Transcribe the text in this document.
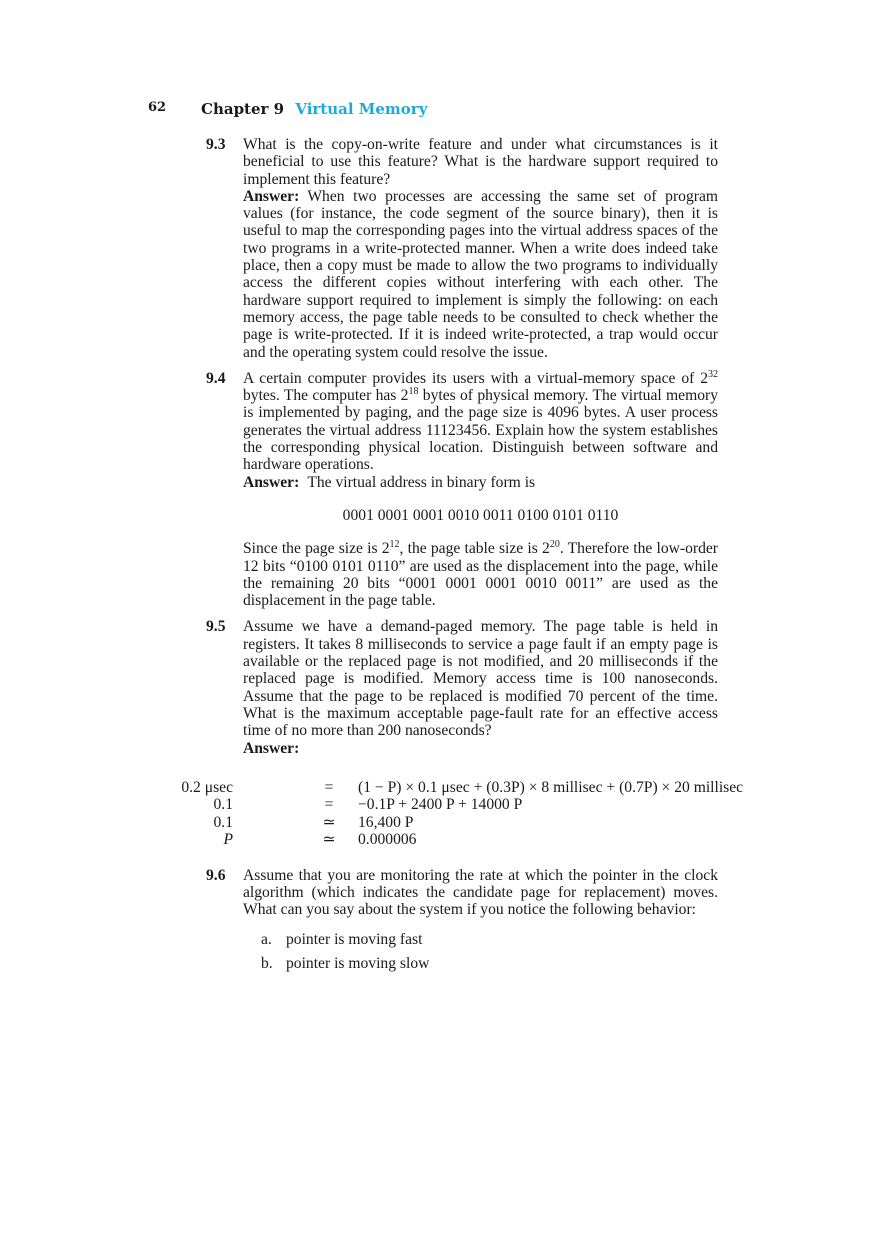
62 Chapter 9 Virtual Memory
9.3 What is the copy-on-write feature and under what circumstances is it beneficial to use this feature? What is the hardware support required to implement this feature?

Answer: When two processes are accessing the same set of program values (for instance, the code segment of the source binary), then it is useful to map the corresponding pages into the virtual address spaces of the two programs in a write-protected manner. When a write does indeed take place, then a copy must be made to allow the two programs to individually access the different copies without interfering with each other. The hardware support required to implement is simply the following: on each memory access, the page table needs to be consulted to check whether the page is write-protected. If it is indeed write-protected, a trap would occur and the operating system could resolve the issue.

9.4 A certain computer provides its users with a virtual-memory space of $2^{32}$ bytes. The computer has $2^{18}$ bytes of physical memory. The virtual memory is implemented by paging, and the page size is 4096 bytes. A user process generates the virtual address 11123456. Explain how the system establishes the corresponding physical location. Distinguish between software and hardware operations.

Answer: The virtual address in binary form is

0001 0001 0001 0010 0011 0100 0101 0110

Since the page size is $2^{12}$, the page table size is $2^{20}$. Therefore the low-order 12 bits “0100 0101 0110” are used as the displacement into the page, while the remaining 20 bits “0001 0001 0001 0010 0011” are used as the displacement in the page table.

9.5 Assume we have a demand-paged memory. The page table is held in registers. It takes 8 milliseconds to service a page fault if an empty page is available or the replaced page is not modified, and 20 milliseconds if the replaced page is modified. Memory access time is 100 nanoseconds. Assume that the page to be replaced is modified 70 percent of the time. What is the maximum acceptable page-fault rate for an effective access time of no more than 200 nanoseconds?

Answer:

0.2 μsec	=	(1 − P) × 0.1 μsec + (0.3P) × 8 millisec + (0.7P) × 20 millisec
0.1	=	−0.1P + 2400 P + 14000 P
0.1	≃ 16,400 P
P	≃ 0.000006
9.6 Assume that you are monitoring the rate at which the pointer in the clock algorithm (which indicates the candidate page for replacement) moves. What can you say about the system if you notice the following behavior:

a. pointer is moving fast
b. pointer is moving slow
